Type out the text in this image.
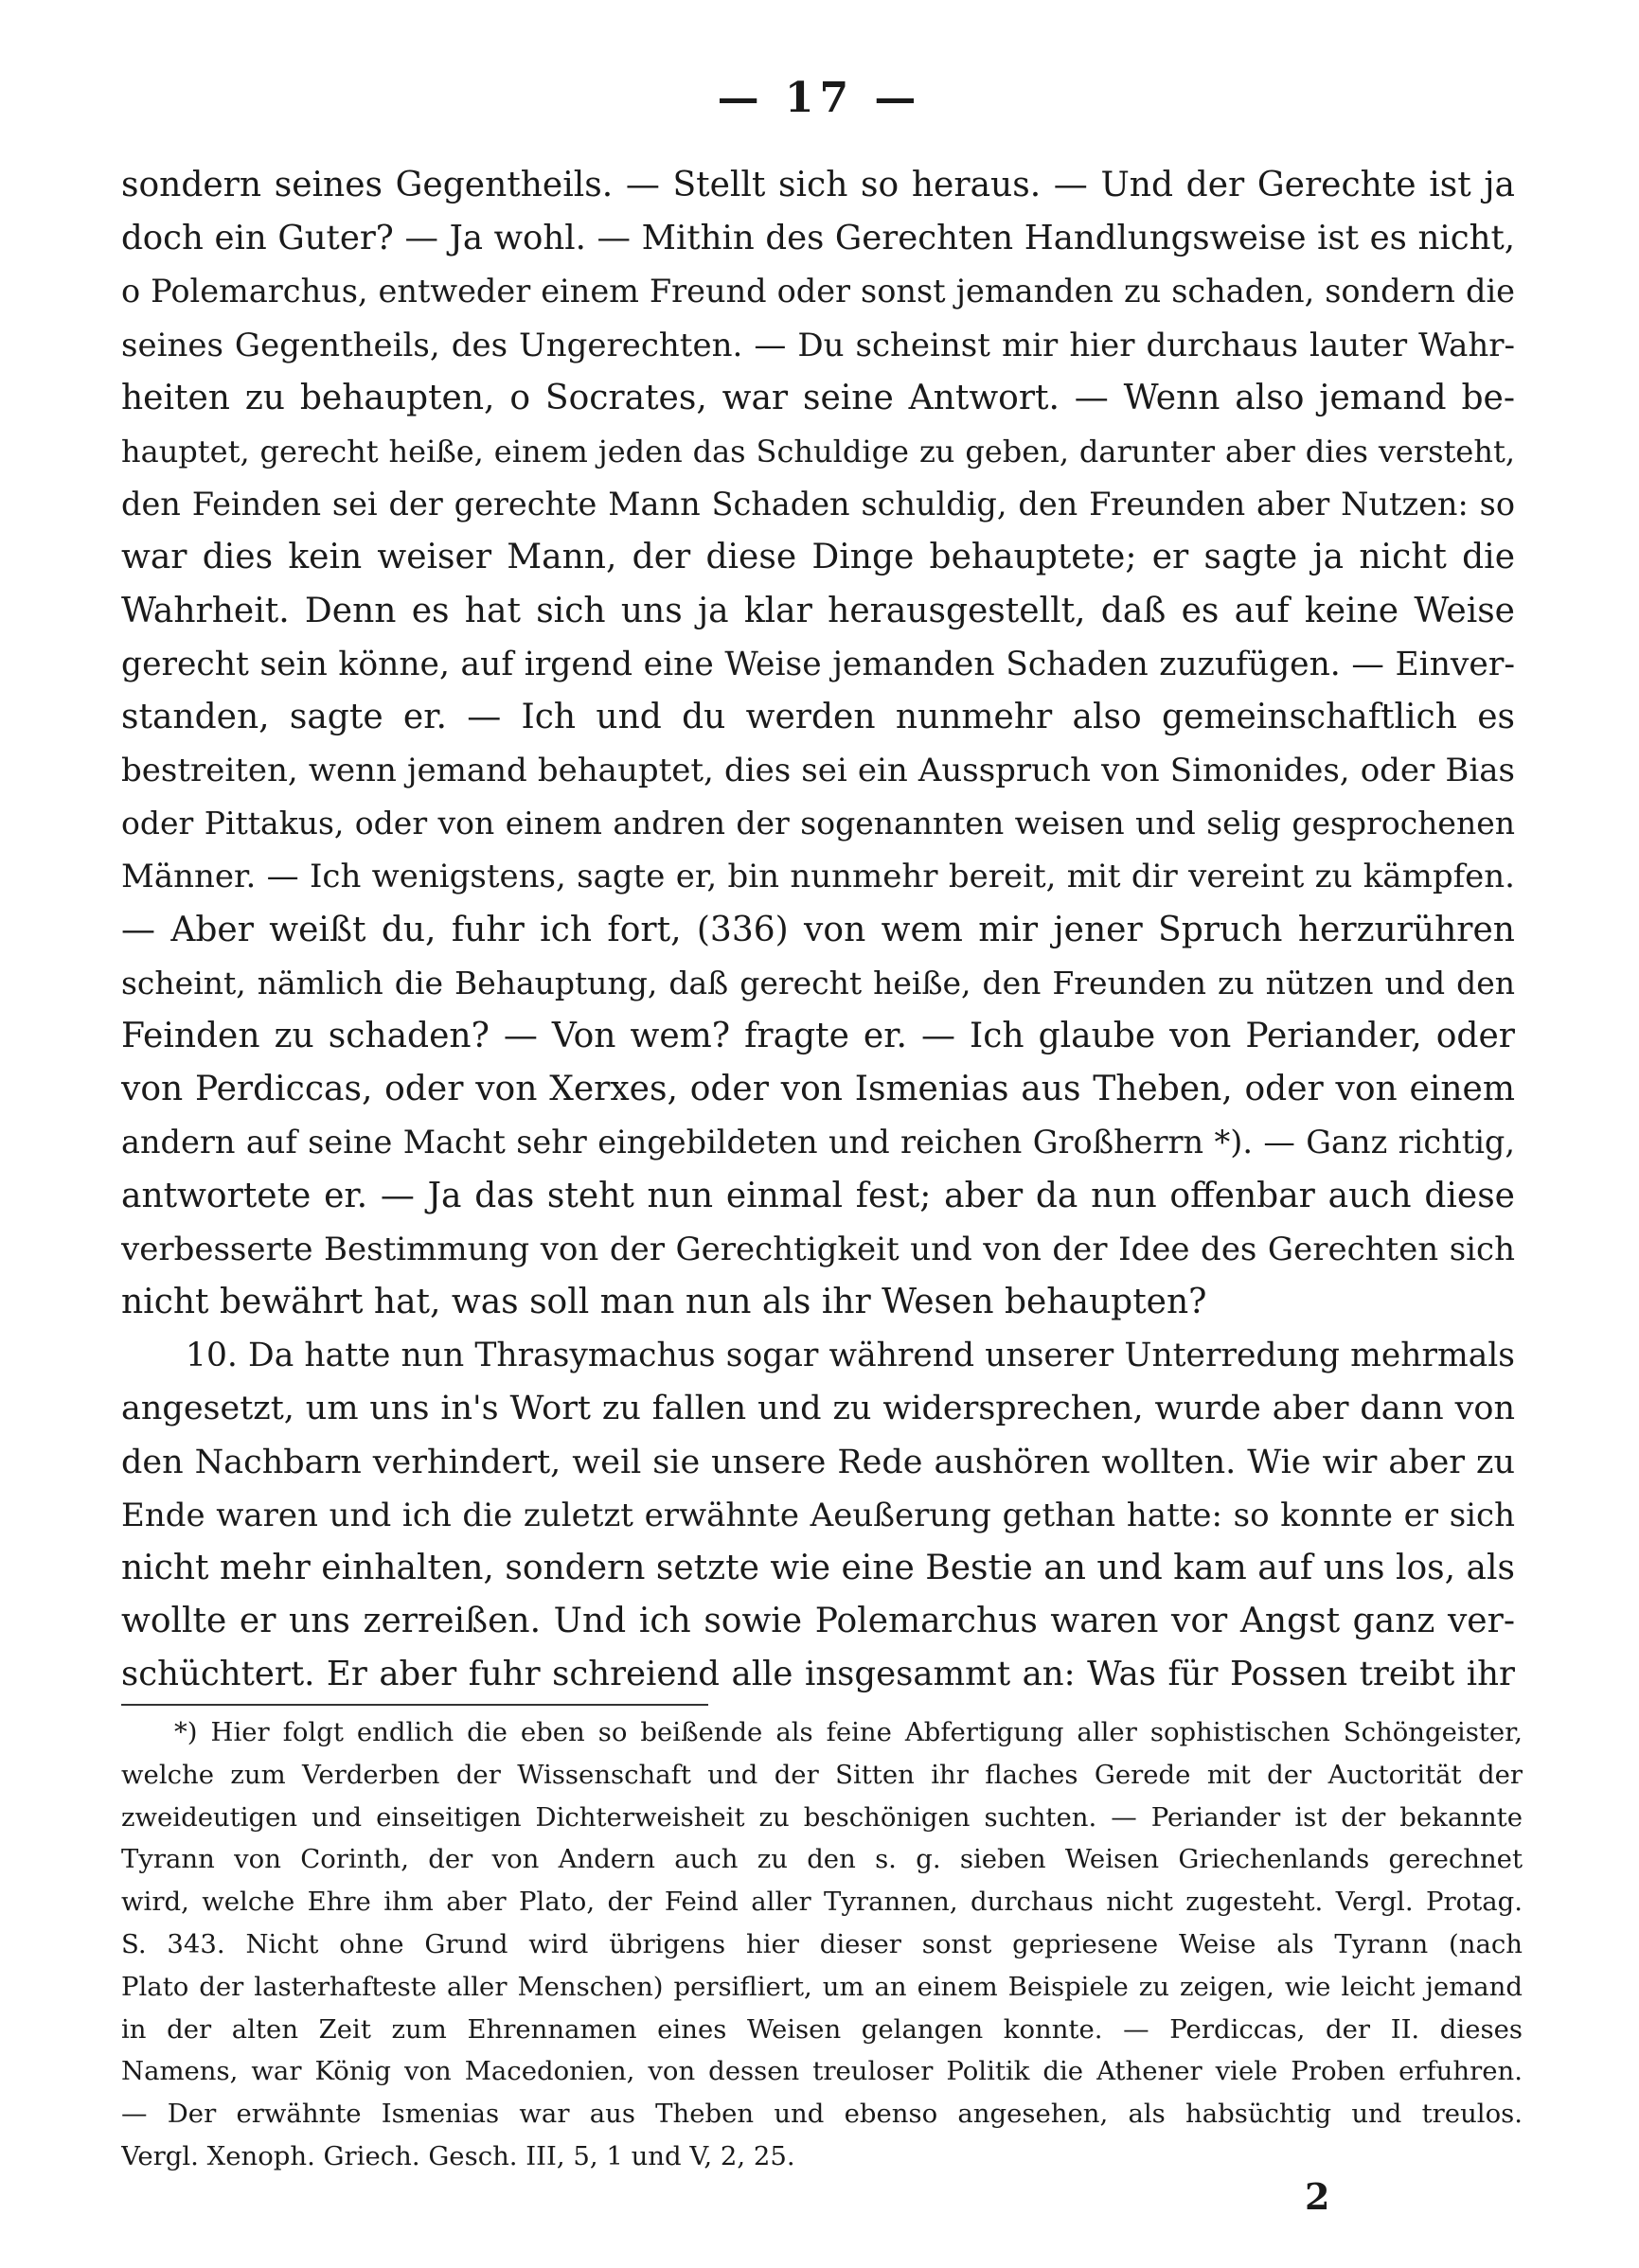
— 17 —
sondern seines Gegentheils. — Stellt sich so heraus. — Und der Gerechte ist ja
doch ein Guter? — Ja wohl. — Mithin des Gerechten Handlungsweise ist es nicht,
o Polemarchus, entweder einem Freund oder sonst jemanden zu schaden, sondern die
seines Gegentheils, des Ungerechten. — Du scheinst mir hier durchaus lauter Wahr-
heiten zu behaupten, o Socrates, war seine Antwort. — Wenn also jemand be-
hauptet, gerecht heiße, einem jeden das Schuldige zu geben, darunter aber dies versteht,
den Feinden sei der gerechte Mann Schaden schuldig, den Freunden aber Nutzen: so
war dies kein weiser Mann, der diese Dinge behauptete; er sagte ja nicht die
Wahrheit. Denn es hat sich uns ja klar herausgestellt, daß es auf keine Weise
gerecht sein könne, auf irgend eine Weise jemanden Schaden zuzufügen. — Einver-
standen, sagte er. — Ich und du werden nunmehr also gemeinschaftlich es
bestreiten, wenn jemand behauptet, dies sei ein Ausspruch von Simonides, oder Bias
oder Pittakus, oder von einem andren der sogenannten weisen und selig gesprochenen
Männer. — Ich wenigstens, sagte er, bin nunmehr bereit, mit dir vereint zu kämpfen.
— Aber weißt du, fuhr ich fort, (336) von wem mir jener Spruch herzurühren
scheint, nämlich die Behauptung, daß gerecht heiße, den Freunden zu nützen und den
Feinden zu schaden? — Von wem? fragte er. — Ich glaube von Periander, oder
von Perdiccas, oder von Xerxes, oder von Ismenias aus Theben, oder von einem
andern auf seine Macht sehr eingebildeten und reichen Großherrn *). — Ganz richtig,
antwortete er. — Ja das steht nun einmal fest; aber da nun offenbar auch diese
verbesserte Bestimmung von der Gerechtigkeit und von der Idee des Gerechten sich
nicht bewährt hat, was soll man nun als ihr Wesen behaupten?
10. Da hatte nun Thrasymachus sogar während unserer Unterredung mehrmals
angesetzt, um uns in's Wort zu fallen und zu widersprechen, wurde aber dann von
den Nachbarn verhindert, weil sie unsere Rede aushören wollten. Wie wir aber zu
Ende waren und ich die zuletzt erwähnte Aeußerung gethan hatte: so konnte er sich
nicht mehr einhalten, sondern setzte wie eine Bestie an und kam auf uns los, als
wollte er uns zerreißen. Und ich sowie Polemarchus waren vor Angst ganz ver-
schüchtert. Er aber fuhr schreiend alle insgesammt an: Was für Possen treibt ihr
*) Hier folgt endlich die eben so beißende als feine Abfertigung aller sophistischen Schöngeister,
welche zum Verderben der Wissenschaft und der Sitten ihr flaches Gerede mit der Auctorität der
zweideutigen und einseitigen Dichterweisheit zu beschönigen suchten. — Periander ist der bekannte
Tyrann von Corinth, der von Andern auch zu den s. g. sieben Weisen Griechenlands gerechnet
wird, welche Ehre ihm aber Plato, der Feind aller Tyrannen, durchaus nicht zugesteht. Vergl. Protag.
S. 343. Nicht ohne Grund wird übrigens hier dieser sonst gepriesene Weise als Tyrann (nach
Plato der lasterhafteste aller Menschen) persifliert, um an einem Beispiele zu zeigen, wie leicht jemand
in der alten Zeit zum Ehrennamen eines Weisen gelangen konnte. — Perdiccas, der II. dieses
Namens, war König von Macedonien, von dessen treuloser Politik die Athener viele Proben erfuhren.
— Der erwähnte Ismenias war aus Theben und ebenso angesehen, als habsüchtig und treulos.
Vergl. Xenoph. Griech. Gesch. III, 5, 1 und V, 2, 25.
2
